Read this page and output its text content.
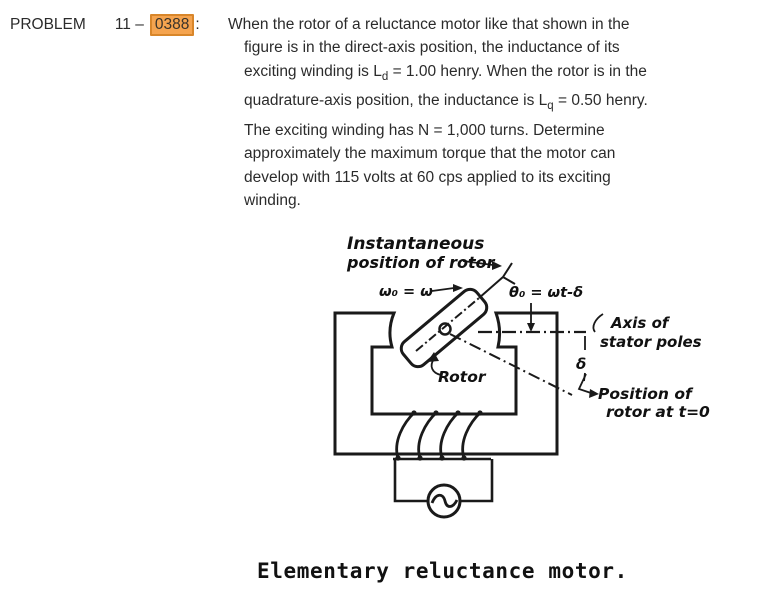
PROBLEM 11 – 0388 : When the rotor of a reluctance motor like that shown in the
figure is in the direct-axis position, the inductance of its
exciting winding is $L_d = 1.00$ henry. When the rotor is in the
quadrature-axis position, the inductance is $L_q = 0.50$ henry.
The exciting winding has N = 1,000 turns. Determine
approximately the maximum torque that the motor can
develop with 115 volts at 60 cps applied to its exciting
winding.
Instantaneous
position of rotor
ω₀ = ω	θ₀ = ωt-δ
Axis of
stator poles
δ
Position of
rotor at t=0
Rotor
Elementary reluctance motor.
